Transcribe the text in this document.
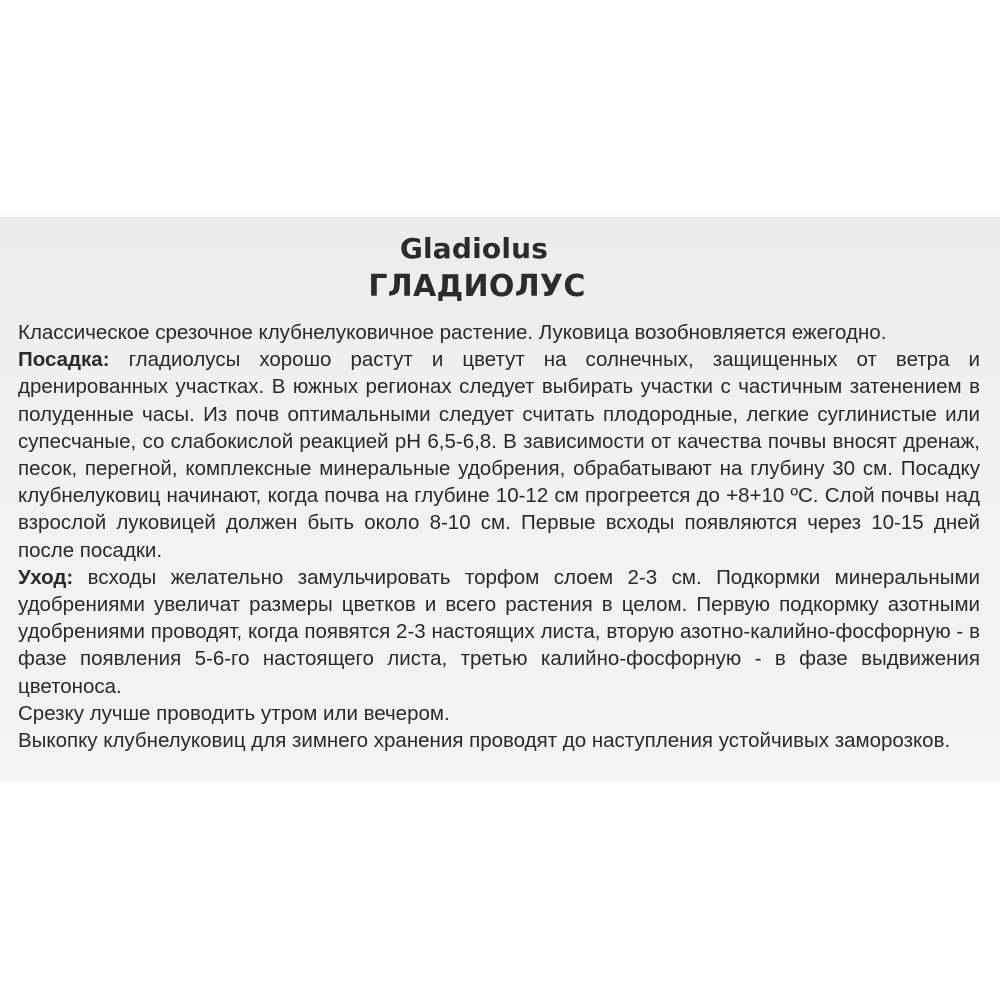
Gladiolus
ГЛАДИОЛУС

Классическое срезочное клубнелуковичное растение. Луковица возобновляется ежегодно.

Посадка: гладиолусы хорошо растут и цветут на солнечных, защищенных от ветра и дренированных участках. В южных регионах следует выбирать участки с частичным затенением в полуденные часы. Из почв оптимальными следует считать плодородные, легкие суглинистые или супесчаные, со слабокислой реакцией рН 6,5-6,8. В зависимости от качества почвы вносят дренаж, песок, перегной, комплексные минеральные удобрения, обрабатывают на глубину 30 см. Посадку клубнелуковиц начинают, когда почва на глубине 10-12 см прогреется до +8+10 ºС. Слой почвы над взрослой луковицей должен быть около 8-10 см. Первые всходы появляются через 10-15 дней после посадки.

Уход: всходы желательно замульчировать торфом слоем 2-3 см. Подкормки минеральными удобрениями увеличат размеры цветков и всего растения в целом. Первую подкормку азотными удобрениями проводят, когда появятся 2-3 настоящих листа, вторую азотно-калийно-фосфорную - в фазе появления 5-6-го настоящего листа, третью калийно-фосфорную - в фазе выдвижения цветоноса.

Срезку лучше проводить утром или вечером.

Выкопку клубнелуковиц для зимнего хранения проводят до наступления устойчивых заморозков.
